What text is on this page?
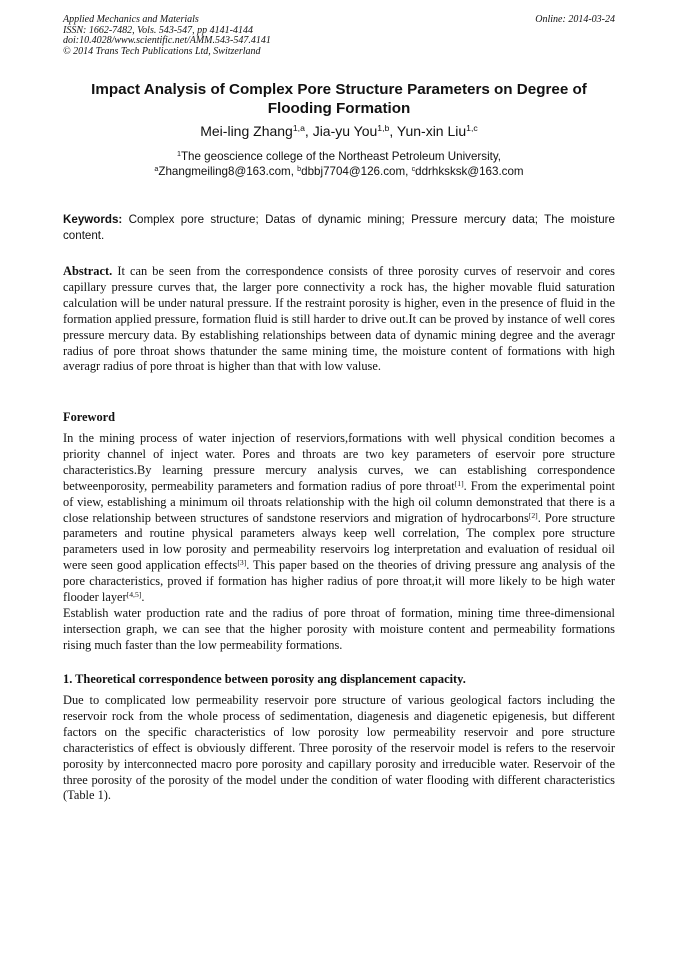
Applied Mechanics and Materials
ISSN: 1662-7482, Vols. 543-547, pp 4141-4144
doi:10.4028/www.scientific.net/AMM.543-547.4141
© 2014 Trans Tech Publications Ltd, Switzerland
Online: 2014-03-24
Impact Analysis of Complex Pore Structure Parameters on Degree of Flooding Formation
Mei-ling Zhang$^{1,a}$, Jia-yu You$^{1,b}$, Yun-xin Liu$^{1,c}$
$^1$The geoscience college of the Northeast Petroleum University,
$^a$Zhangmeiling8@163.com, $^b$dbbj7704@126.com, $^c$ddrhksksk@163.com
Keywords: Complex pore structure; Datas of dynamic mining; Pressure mercury data; The moisture content.
Abstract. It can be seen from the correspondence consists of three porosity curves of reservoir and cores capillary pressure curves that, the larger pore connectivity a rock has, the higher movable fluid saturation calculation will be under natural pressure. If the restraint porosity is higher, even in the presence of fluid in the formation applied pressure, formation fluid is still harder to drive out.It can be proved by instance of well cores pressure mercury data. By establishing relationships between data of dynamic mining degree and the averagr radius of pore throat shows thatunder the same mining time, the moisture content of formations with high averagr radius of pore throat is higher than that with low valuse.
Foreword

In the mining process of water injection of reserviors,formations with well physical condition becomes a priority channel of inject water. Pores and throats are two key parameters of eservoir pore structure characteristics.By learning pressure mercury analysis curves, we can establishing correspondence betweenporosity, permeability parameters and formation radius of pore throat[1]. From the experimental point of view, establishing a minimum oil throats relationship with the high oil column demonstrated that there is a close relationship between structures of sandstone reserviors and migration of hydrocarbons[2]. Pore structure parameters and routine physical parameters always keep well correlation, The complex pore structure parameters used in low porosity and permeability reservoirs log interpretation and evaluation of residual oil were seen good application effects[3]. This paper based on the theories of driving pressure ang analysis of the pore characteristics, proved if formation has higher radius of pore throat,it will more likely to be high water flooder layer[4,5].

Establish water production rate and the radius of pore throat of formation, mining time three-dimensional intersection graph, we can see that the higher porosity with moisture content and permeability formations rising much faster than the low permeability formations.

1. Theoretical correspondence between porosity ang displancement capacity.

Due to complicated low permeability reservoir pore structure of various geological factors including the reservoir rock from the whole process of sedimentation, diagenesis and diagenetic epigenesis, but different factors on the specific characteristics of low porosity low permeability reservoir and pore structure characteristics of effect is obviously different. Three porosity of the reservoir model is refers to the reservoir porosity by interconnected macro pore porosity and capillary porosity and irreducible water. Reservoir of the three porosity of the porosity of the model under the condition of water flooding with different characteristics (Table 1).
